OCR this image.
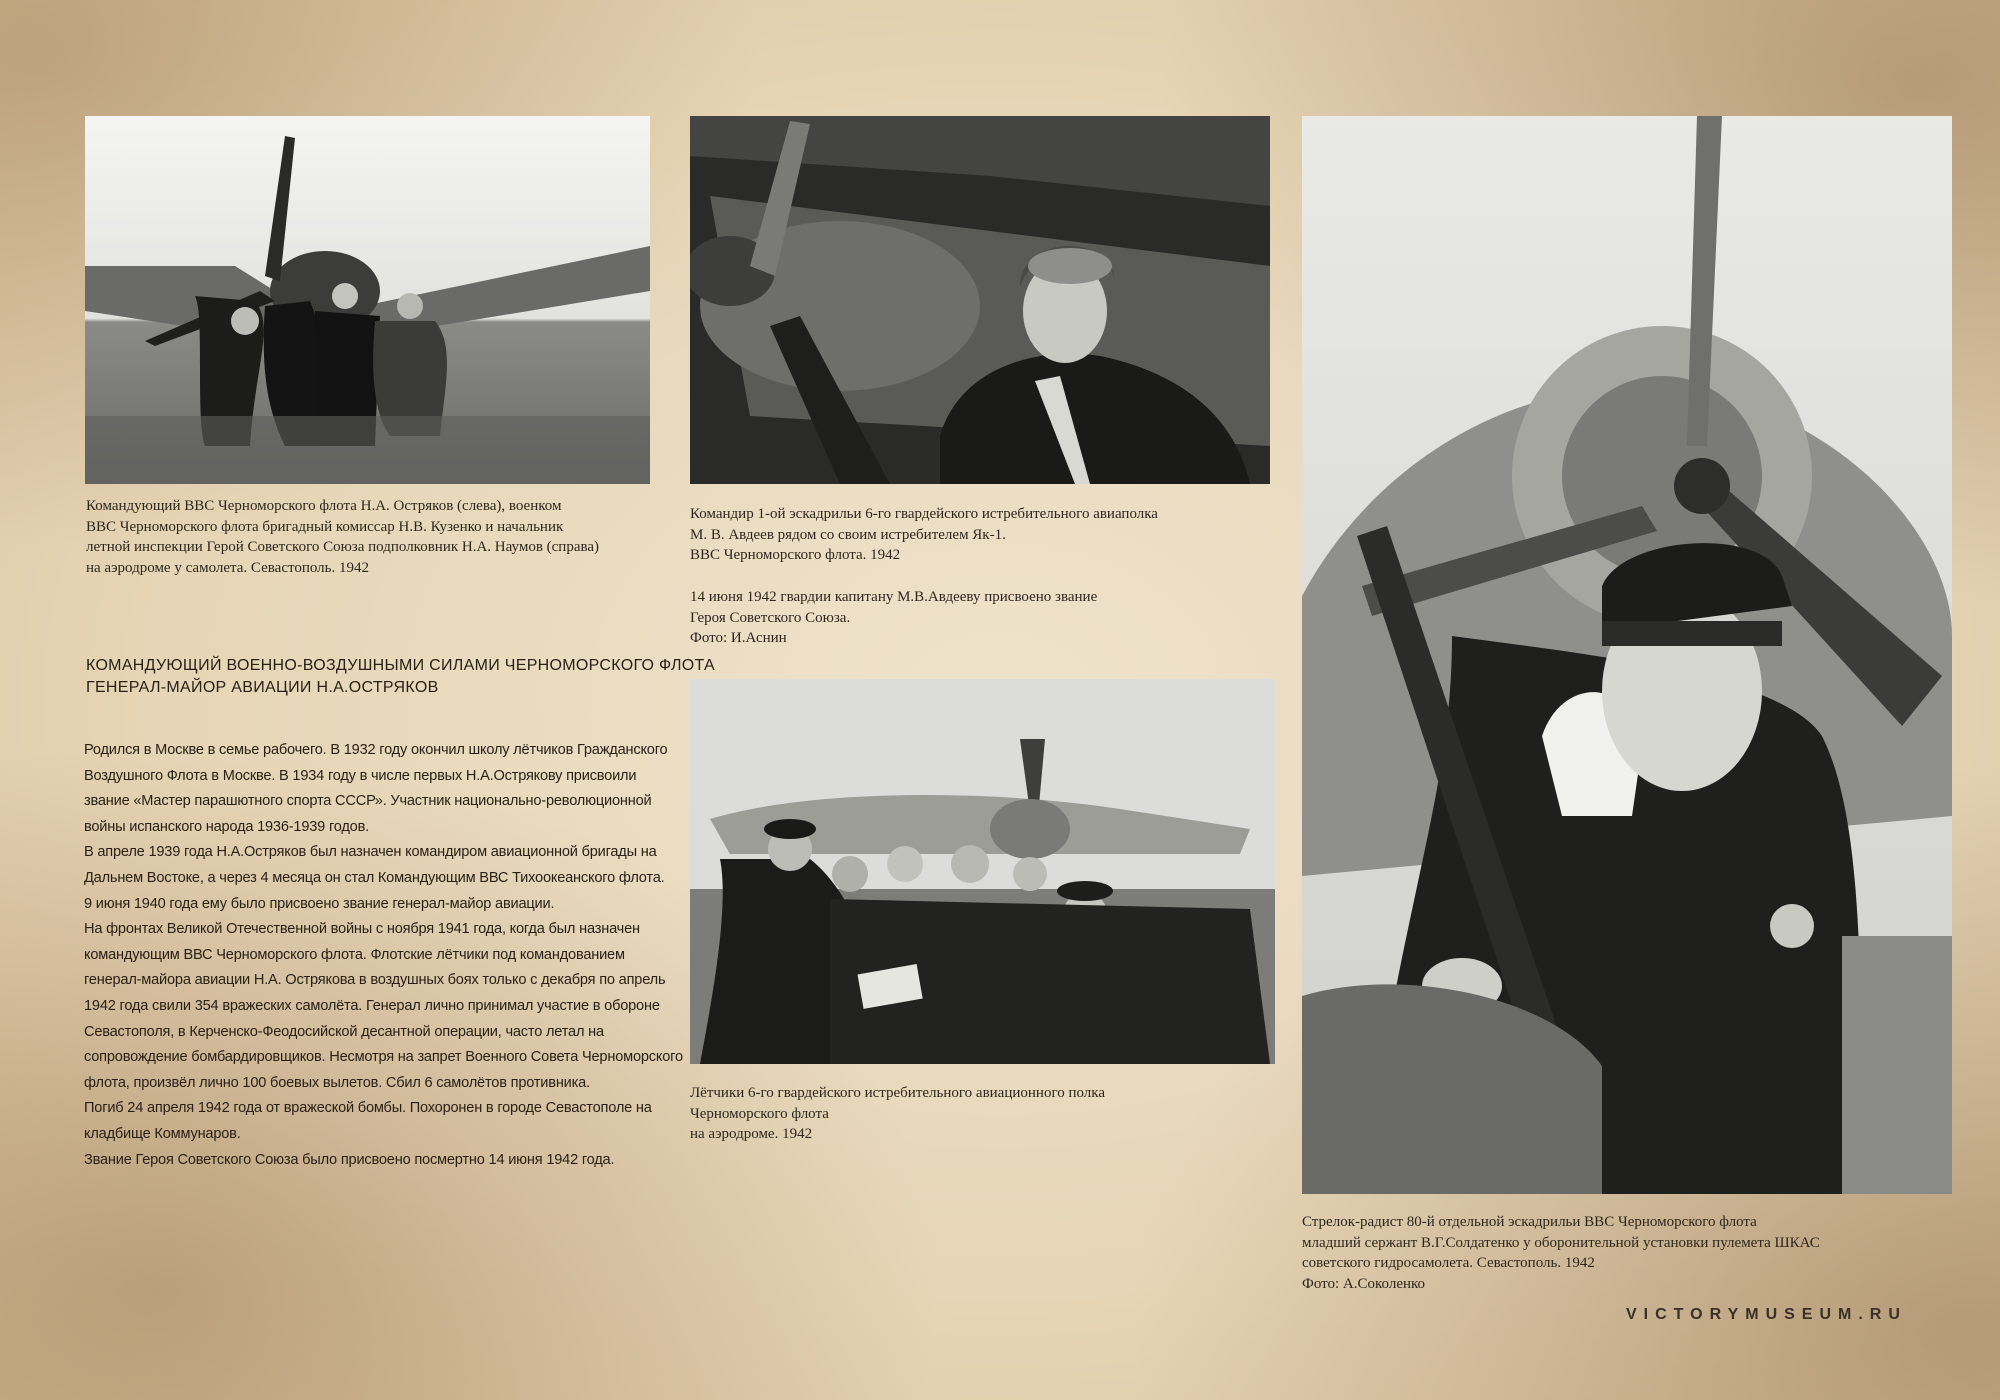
Командующий ВВС Черноморского флота Н.А. Остряков (слева), военком

ВВС Черноморского флота бригадный комиссар Н.В. Кузенко и начальник

летной инспекции Герой Советского Союза подполковник Н.А. Наумов (справа)

на аэродроме у самолета. Севастополь. 1942

Командир 1-ой эскадрильи 6-го гвардейского истребительного авиаполка

М. В. Авдеев рядом со своим истребителем Як-1.

ВВС Черноморского флота. 1942

14 июня 1942 гвардии капитану М.В.Авдееву присвоено звание

Героя Советского Союза.

Фото: И.Аснин

Лётчики 6-го гвардейского истребительного авиационного полка

Черноморского флота

на аэродроме. 1942

Стрелок-радист 80-й отдельной эскадрильи ВВС Черноморского флота

младший сержант В.Г.Солдатенко у оборонительной установки пулемета ШКАС

советского гидросамолета. Севастополь. 1942

Фото: А.Соколенко

КОМАНДУЮЩИЙ ВОЕННО-ВОЗДУШНЫМИ СИЛАМИ ЧЕРНОМОРСКОГО ФЛОТА
ГЕНЕРАЛ-МАЙОР АВИАЦИИ Н.А.ОСТРЯКОВ
Родился в Москве в семье рабочего. В 1932 году окончил школу лётчиков Гражданского
Воздушного Флота в Москве. В 1934 году в числе первых Н.А.Острякову присвоили
звание «Мастер парашютного спорта СССР». Участник национально-революционной
войны испанского народа 1936-1939 годов.
В апреле 1939 года Н.А.Остряков был назначен командиром авиационной бригады на
Дальнем Востоке, а через 4 месяца он стал Командующим ВВС Тихоокеанского флота.
9 июня 1940 года ему было присвоено звание генерал-майор авиации.
На фронтах Великой Отечественной войны с ноября 1941 года, когда был назначен
командующим ВВС Черноморского флота. Флотские лётчики под командованием
генерал-майора авиации Н.А. Острякова в воздушных боях только с декабря по апрель
1942 года свили 354 вражеских самолёта. Генерал лично принимал участие в обороне
Севастополя, в Керченско-Феодосийской десантной операции, часто летал на
сопровождение бомбардировщиков. Несмотря на запрет Военного Совета Черноморского
флота, произвёл лично 100 боевых вылетов. Сбил 6 самолётов противника.
Погиб 24 апреля 1942 года от вражеской бомбы. Похоронен в городе Севастополе на
кладбище Коммунаров.
Звание Героя Советского Союза было присвоено посмертно 14 июня 1942 года.
VICTORYMUSEUM.RU
